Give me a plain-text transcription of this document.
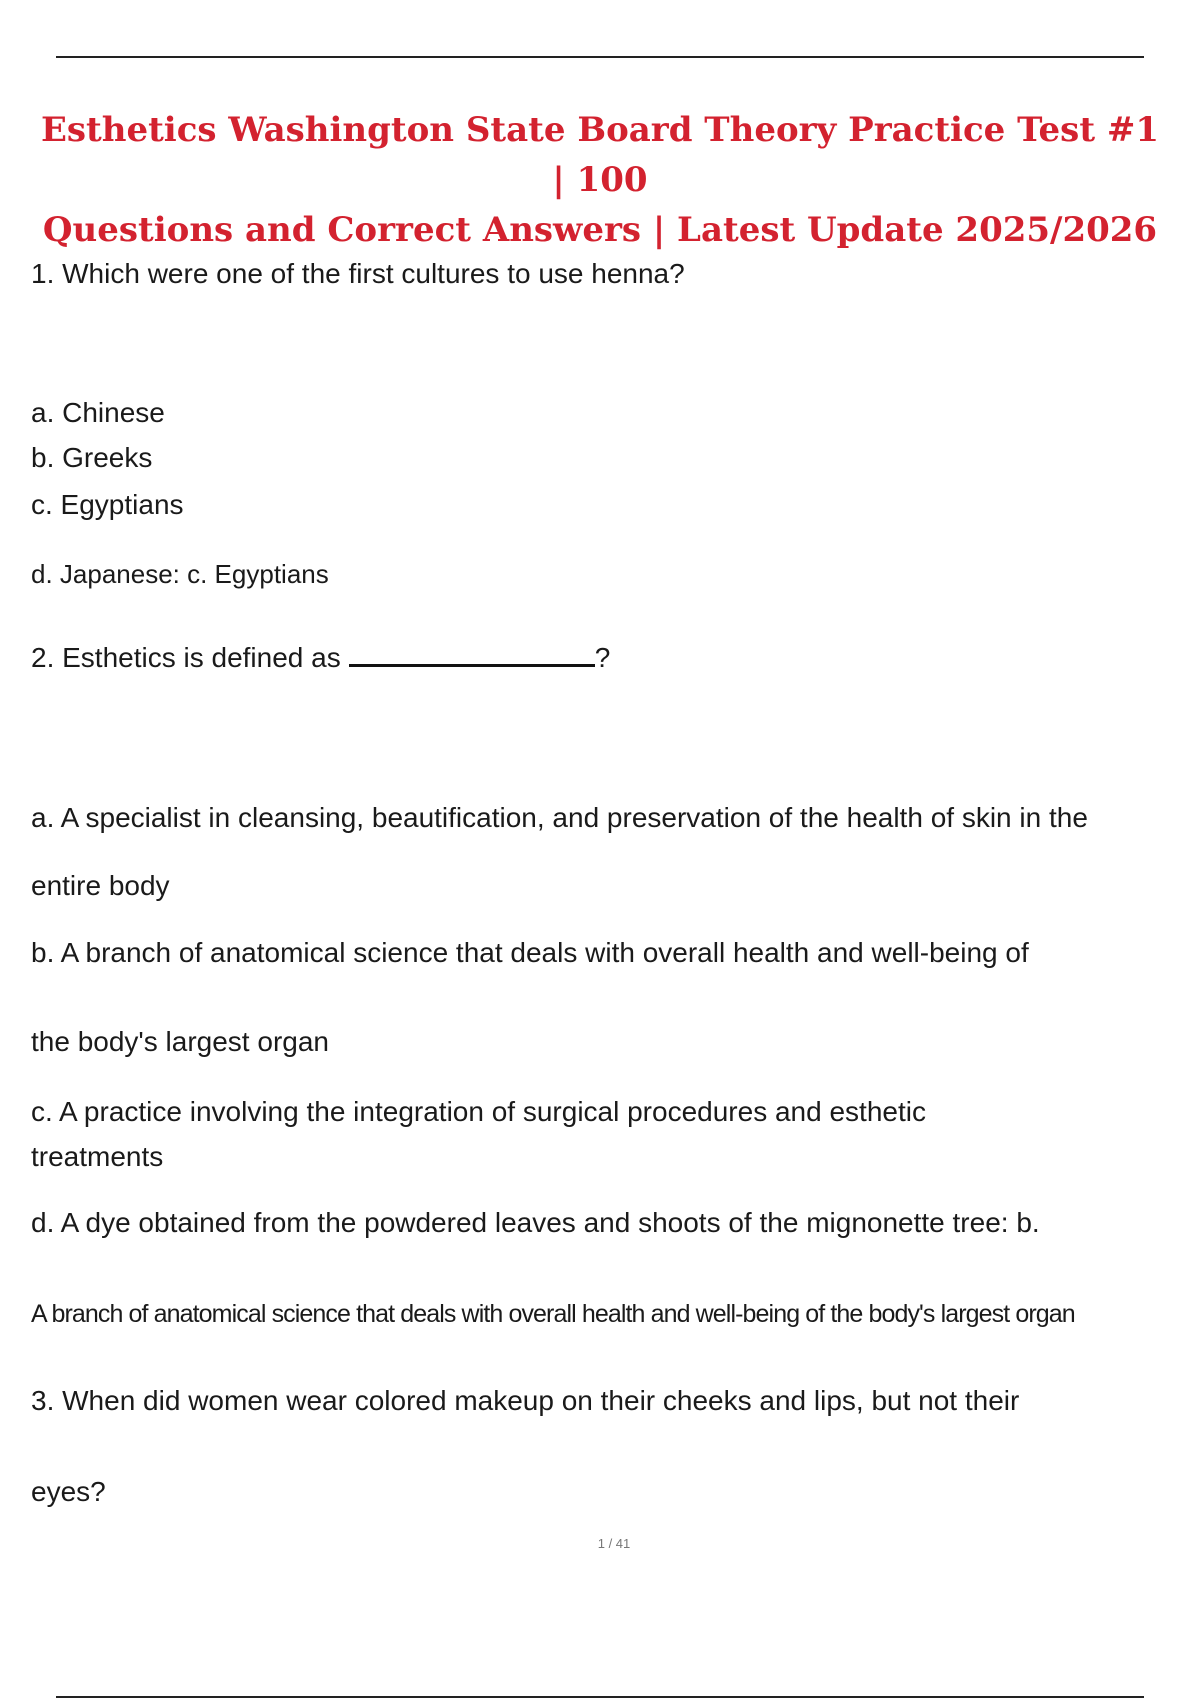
Esthetics Washington State Board Theory Practice Test #1 | 100
Questions and Correct Answers | Latest Update 2025/2026
1. Which were one of the first cultures to use henna?
a. Chinese
b. Greeks
c. Egyptians
d. Japanese: c. Egyptians
2. Esthetics is defined as	?
a. A specialist in cleansing, beautification, and preservation of the health of skin in the
entire body
b. A branch of anatomical science that deals with overall health and well-being of
the body's largest organ
c. A practice involving the integration of surgical procedures and esthetic
treatments
d. A dye obtained from the powdered leaves and shoots of the mignonette tree: b.
A branch of anatomical science that deals with overall health and well-being of the body's largest organ
3. When did women wear colored makeup on their cheeks and lips, but not their
eyes?
1 / 41
